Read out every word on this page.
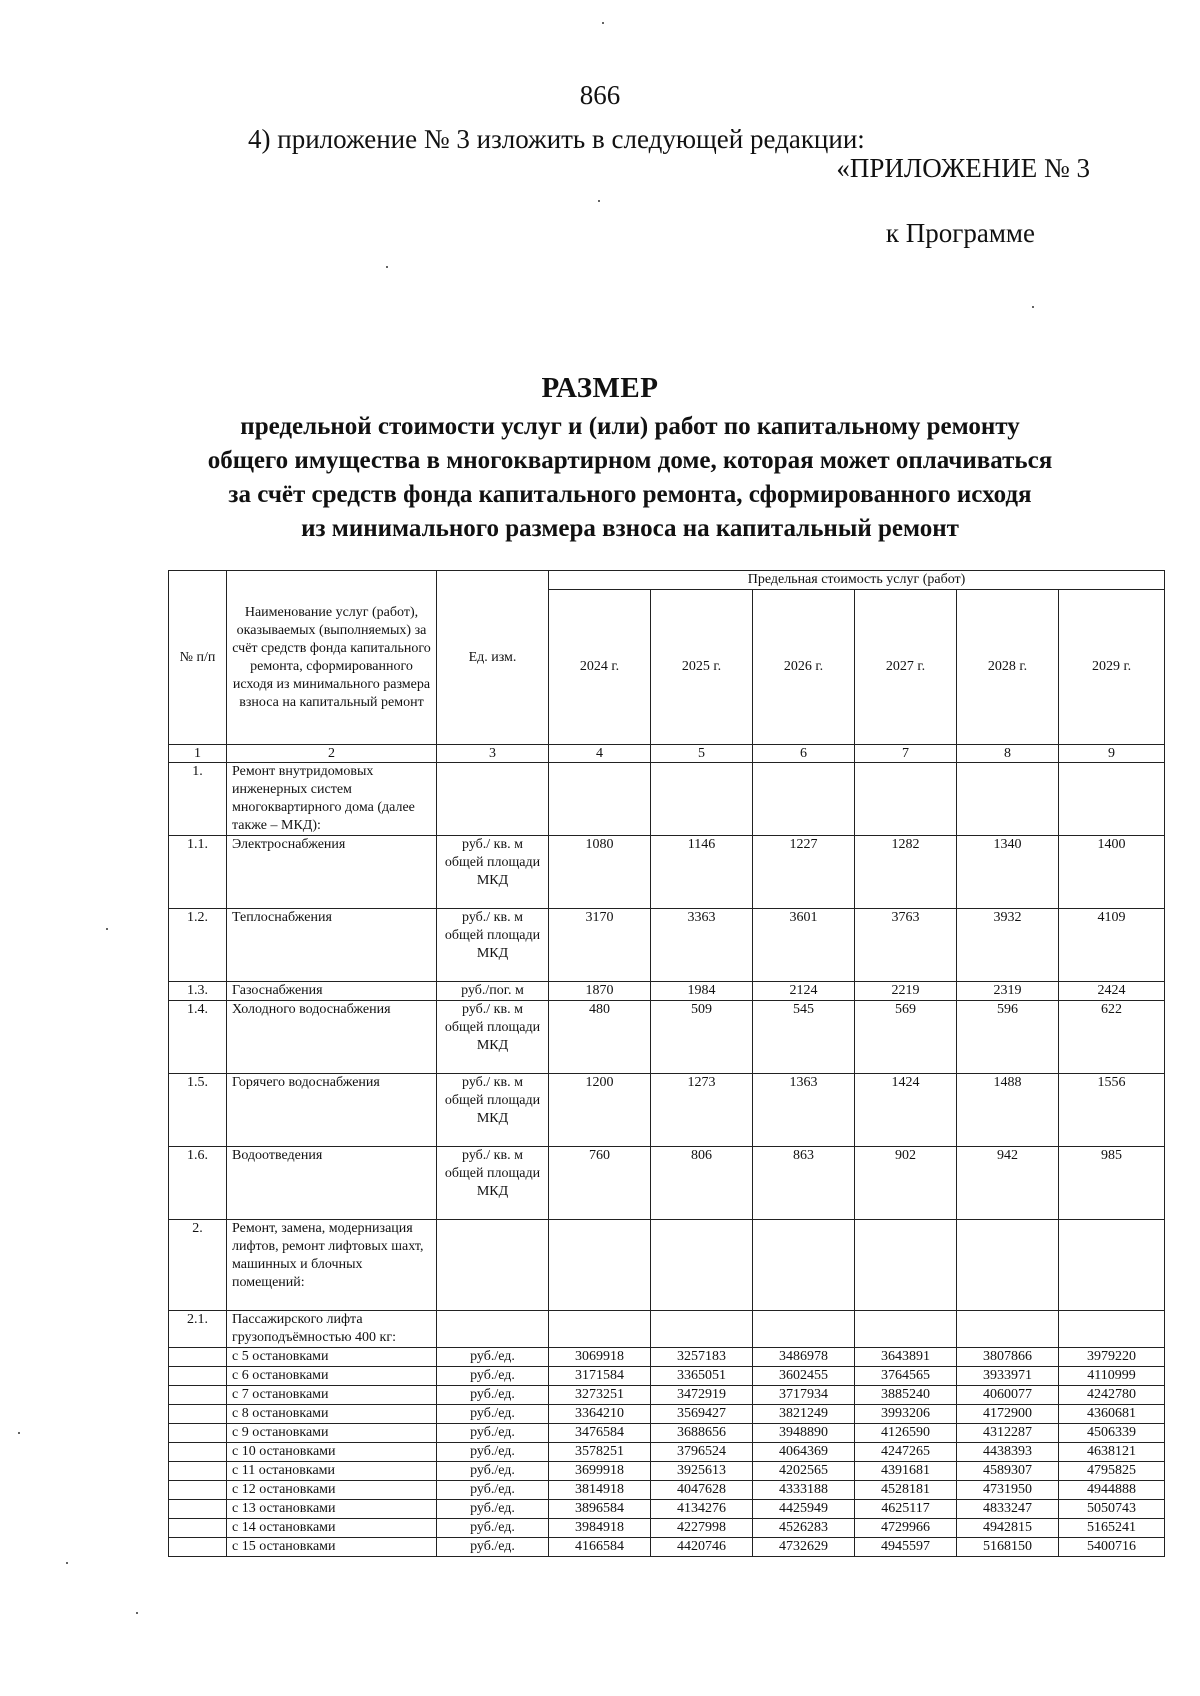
866
4) приложение № 3 изложить в следующей редакции:
«ПРИЛОЖЕНИЕ № 3
к Программе
РАЗМЕР
предельной стоимости услуг и (или) работ по капитальному ремонту
общего имущества в многоквартирном доме, которая может оплачиваться
за счёт средств фонда капитального ремонта, сформированного исходя
из минимального размера взноса на капитальный ремонт
№ п/п	Наименование услуг (работ), оказываемых (выполняемых) за счёт средств фонда капитального ремонта, сформированного исходя из минимального размера взноса на капитальный ремонт	Ед. изм.	Предельная стоимость услуг (работ)					
			2024 г.	2025 г.	2026 г.	2027 г.	2028 г.	2029 г.
1	2	3	4	5	6	7	8	9
1.	Ремонт внутридомовых инженерных систем многоквартирного дома (далее также – МКД):							
1.1.	Электроснабжения	руб./ кв. м общей площади МКД	1080	1146	1227	1282	1340	1400
1.2.	Теплоснабжения	руб./ кв. м общей площади МКД	3170	3363	3601	3763	3932	4109
1.3.	Газоснабжения	руб./пог. м	1870	1984	2124	2219	2319	2424
1.4.	Холодного водоснабжения	руб./ кв. м общей площади МКД	480	509	545	569	596	622
1.5.	Горячего водоснабжения	руб./ кв. м общей площади МКД	1200	1273	1363	1424	1488	1556
1.6.	Водоотведения	руб./ кв. м общей площади МКД	760	806	863	902	942	985
2.	Ремонт, замена, модернизация лифтов, ремонт лифтовых шахт, машинных и блочных помещений:							
2.1.	Пассажирского лифта грузоподъёмностью 400 кг:							
	с 5 остановками	руб./ед.	3069918	3257183	3486978	3643891	3807866	3979220
	с 6 остановками	руб./ед.	3171584	3365051	3602455	3764565	3933971	4110999
	с 7 остановками	руб./ед.	3273251	3472919	3717934	3885240	4060077	4242780
	с 8 остановками	руб./ед.	3364210	3569427	3821249	3993206	4172900	4360681
	с 9 остановками	руб./ед.	3476584	3688656	3948890	4126590	4312287	4506339
	с 10 остановками	руб./ед.	3578251	3796524	4064369	4247265	4438393	4638121
	с 11 остановками	руб./ед.	3699918	3925613	4202565	4391681	4589307	4795825
	с 12 остановками	руб./ед.	3814918	4047628	4333188	4528181	4731950	4944888
	с 13 остановками	руб./ед.	3896584	4134276	4425949	4625117	4833247	5050743
	с 14 остановками	руб./ед.	3984918	4227998	4526283	4729966	4942815	5165241
	с 15 остановками	руб./ед.	4166584	4420746	4732629	4945597	5168150	5400716
